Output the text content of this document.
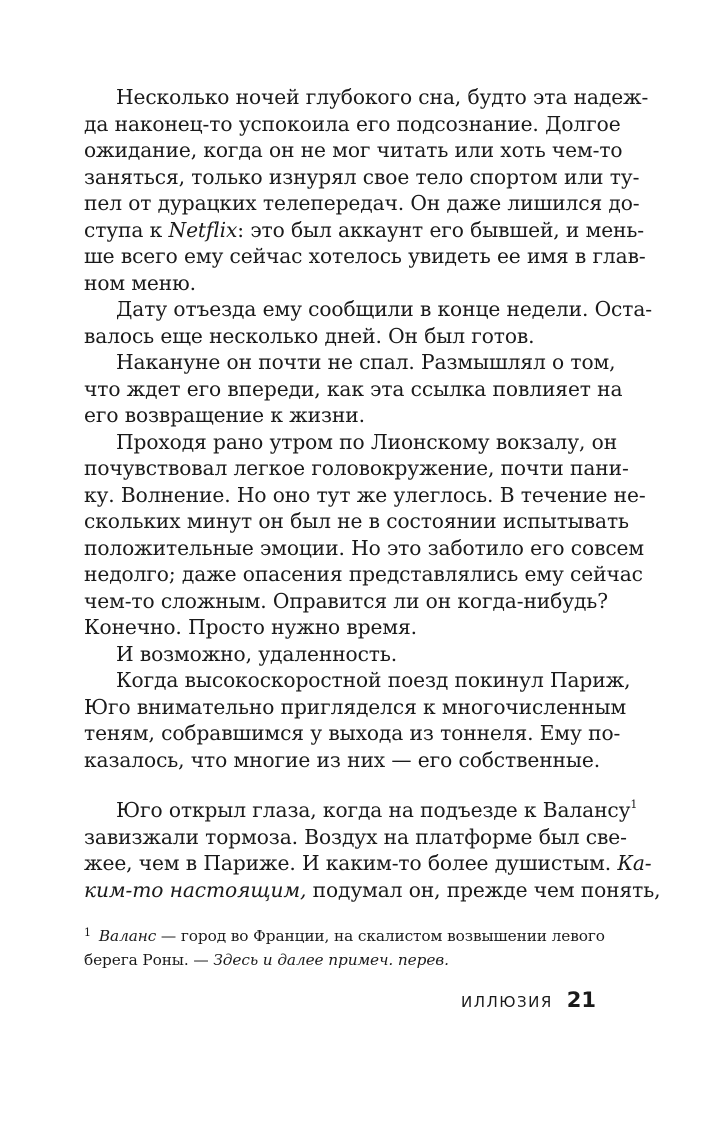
Несколько ночей глубокого сна, будто эта надеж-
да наконец-то успокоила его подсознание. Долгое
ожидание, когда он не мог читать или хоть чем-то
заняться, только изнурял свое тело спортом или ту-
пел от дурацких телепередач. Он даже лишился до-
ступа к Netflix: это был аккаунт его бывшей, и мень-
ше всего ему сейчас хотелось увидеть ее имя в глав-
ном меню.
Дату отъезда ему сообщили в конце недели. Оста-
валось еще несколько дней. Он был готов.
Накануне он почти не спал. Размышлял о том,
что ждет его впереди, как эта ссылка повлияет на
его возвращение к жизни.
Проходя рано утром по Лионскому вокзалу, он
почувствовал легкое головокружение, почти пани-
ку. Волнение. Но оно тут же улеглось. В течение не-
скольких минут он был не в состоянии испытывать
положительные эмоции. Но это заботило его совсем
недолго; даже опасения представлялись ему сейчас
чем-то сложным. Оправится ли он когда-нибудь?
Конечно. Просто нужно время.
И возможно, удаленность.
Когда высокоскоростной поезд покинул Париж,
Юго внимательно пригляделся к многочисленным
теням, собравшимся у выхода из тоннеля. Ему по-
казалось, что многие из них — его собственные.
Юго открыл глаза, когда на подъезде к Валансу$^1$
завизжали тормоза. Воздух на платформе был све-
жее, чем в Париже. И каким-то более душистым. Ка-
ким-то настоящим, подумал он, прежде чем понять,
$^1$ Валанс — город во Франции, на скалистом возвышении левого
берега Роны. — Здесь и далее примеч. перев.
ИЛЛЮЗИЯ 21
